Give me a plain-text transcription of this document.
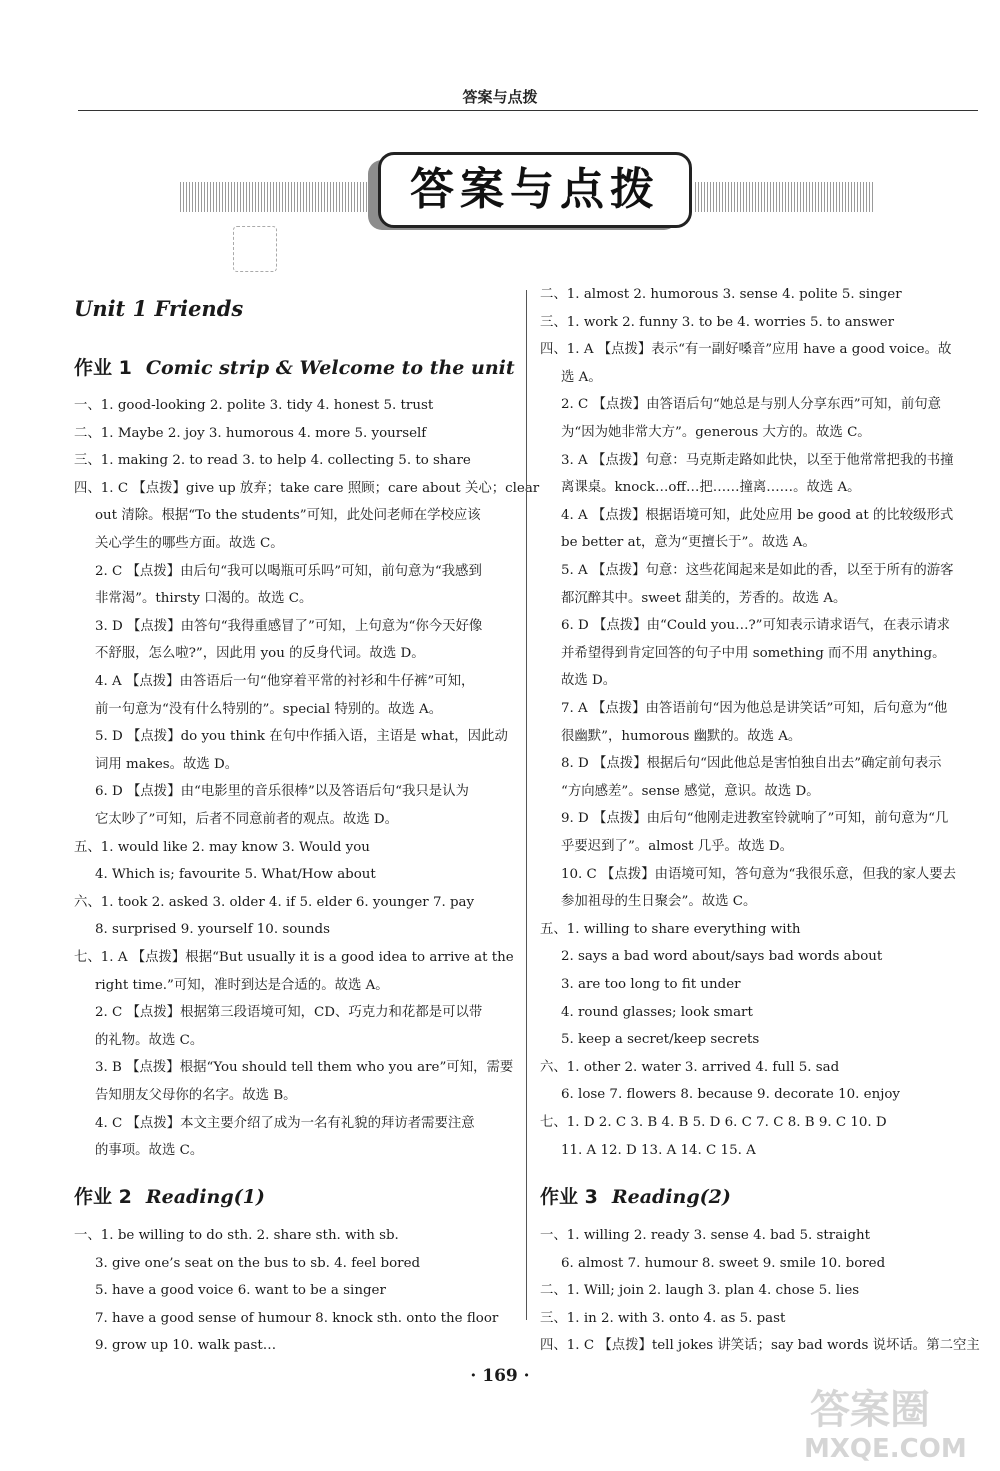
答案与点拨
答案与点拨
Unit 1 Friends
作业 1 Comic strip & Welcome to the unit
一、1. good-looking 2. polite 3. tidy 4. honest 5. trust
二、1. Maybe 2. joy 3. humorous 4. more 5. yourself
三、1. making 2. to read 3. to help 4. collecting 5. to share
四、1. C 【点拨】give up 放弃；take care 照顾；care about 关心；clear
out 清除。根据“To the students”可知，此处问老师在学校应该
关心学生的哪些方面。故选 C。
2. C 【点拨】由后句“我可以喝瓶可乐吗”可知，前句意为“我感到
非常渴”。thirsty 口渴的。故选 C。
3. D 【点拨】由答句“我得重感冒了”可知，上句意为“你今天好像
不舒服，怎么啦?”，因此用 you 的反身代词。故选 D。
4. A 【点拨】由答语后一句“他穿着平常的衬衫和牛仔裤”可知，
前一句意为“没有什么特别的”。special 特别的。故选 A。
5. D 【点拨】do you think 在句中作插入语，主语是 what，因此动
词用 makes。故选 D。
6. D 【点拨】由“电影里的音乐很棒”以及答语后句“我只是认为
它太吵了”可知，后者不同意前者的观点。故选 D。
五、1. would like 2. may know 3. Would you
4. Which is; favourite 5. What/How about
六、1. took 2. asked 3. older 4. if 5. elder 6. younger 7. pay
8. surprised 9. yourself 10. sounds
七、1. A 【点拨】根据“But usually it is a good idea to arrive at the
right time.”可知，准时到达是合适的。故选 A。
2. C 【点拨】根据第三段语境可知，CD、巧克力和花都是可以带
的礼物。故选 C。
3. B 【点拨】根据“You should tell them who you are”可知，需要
告知朋友父母你的名字。故选 B。
4. C 【点拨】本文主要介绍了成为一名有礼貌的拜访者需要注意
的事项。故选 C。
作业 2 Reading(1)
一、1. be willing to do sth. 2. share sth. with sb.
3. give one’s seat on the bus to sb. 4. feel bored
5. have a good voice 6. want to be a singer
7. have a good sense of humour 8. knock sth. onto the floor
9. grow up 10. walk past…
二、1. almost 2. humorous 3. sense 4. polite 5. singer
三、1. work 2. funny 3. to be 4. worries 5. to answer
四、1. A 【点拨】表示“有一副好嗓音”应用 have a good voice。故
选 A。
2. C 【点拨】由答语后句“她总是与别人分享东西”可知，前句意
为“因为她非常大方”。generous 大方的。故选 C。
3. A 【点拨】句意：马克斯走路如此快，以至于他常常把我的书撞
离课桌。knock…off…把……撞离……。故选 A。
4. A 【点拨】根据语境可知，此处应用 be good at 的比较级形式
be better at，意为“更擅长于”。故选 A。
5. A 【点拨】句意：这些花闻起来是如此的香，以至于所有的游客
都沉醉其中。sweet 甜美的，芳香的。故选 A。
6. D 【点拨】由“Could you…?”可知表示请求语气，在表示请求
并希望得到肯定回答的句子中用 something 而不用 anything。
故选 D。
7. A 【点拨】由答语前句“因为他总是讲笑话”可知，后句意为“他
很幽默”，humorous 幽默的。故选 A。
8. D 【点拨】根据后句“因此他总是害怕独自出去”确定前句表示
“方向感差”。sense 感觉，意识。故选 D。
9. D 【点拨】由后句“他刚走进教室铃就响了”可知，前句意为“几
乎要迟到了”。almost 几乎。故选 D。
10. C 【点拨】由语境可知，答句意为“我很乐意，但我的家人要去
参加祖母的生日聚会”。故选 C。
五、1. willing to share everything with
2. says a bad word about/says bad words about
3. are too long to fit under
4. round glasses; look smart
5. keep a secret/keep secrets
六、1. other 2. water 3. arrived 4. full 5. sad
6. lose 7. flowers 8. because 9. decorate 10. enjoy
七、1. D 2. C 3. B 4. B 5. D 6. C 7. C 8. B 9. C 10. D
11. A 12. D 13. A 14. C 15. A
作业 3 Reading(2)
一、1. willing 2. ready 3. sense 4. bad 5. straight
6. almost 7. humour 8. sweet 9. smile 10. bored
二、1. Will; join 2. laugh 3. plan 4. chose 5. lies
三、1. in 2. with 3. onto 4. as 5. past
四、1. C 【点拨】tell jokes 讲笑话；say bad words 说坏话。第二空主
· 169 ·
答案圈
MXQE.COM
